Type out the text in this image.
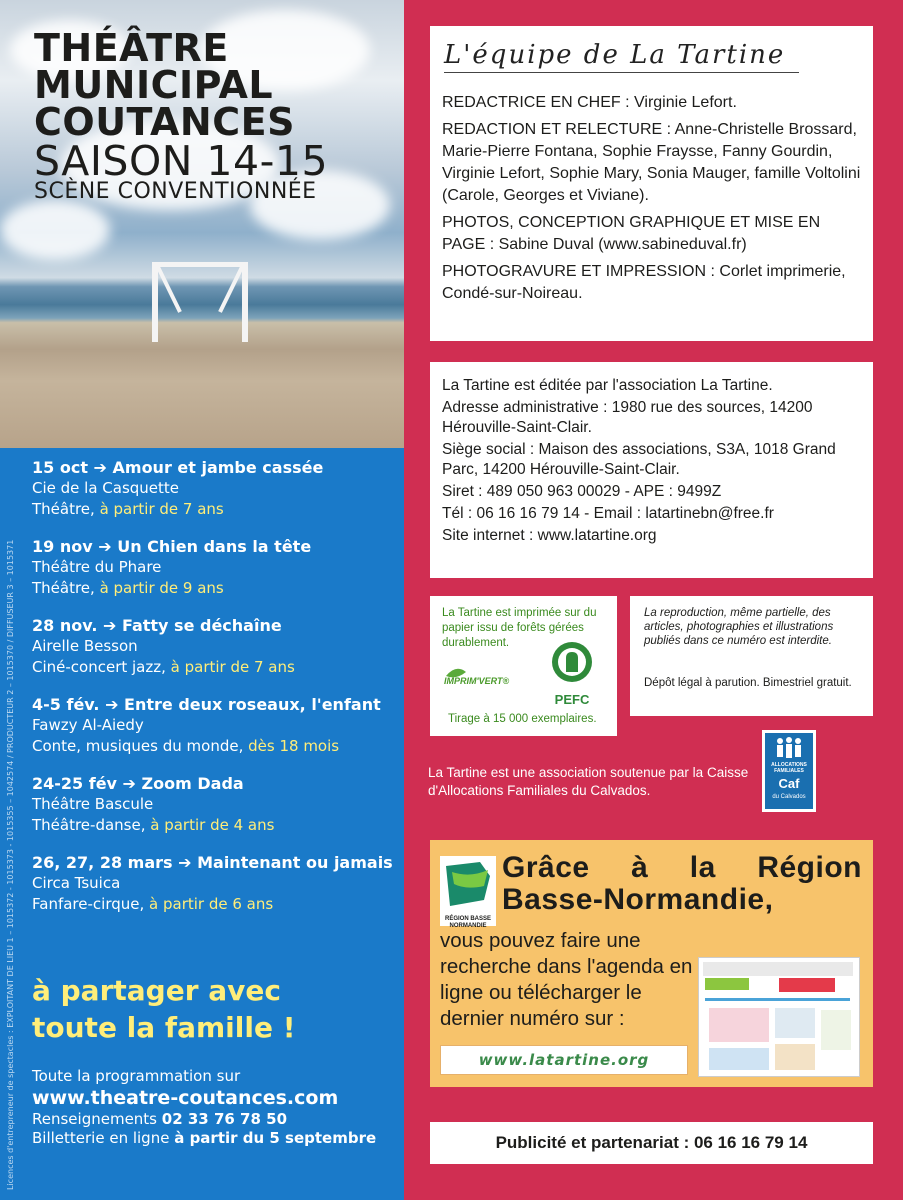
THÉÂTRE
MUNICIPAL
COUTANCES
SAISON 14-15
SCÈNE CONVENTIONNÉE
Licences d'entrepreneur de spectacles : EXPLOITANT DE LIEU 1 – 1015372 - 1015373 - 1015355 – 1042574 / PRODUCTEUR 2 – 1015370 / DIFFUSEUR 3 – 1015371
15 oct ➔ Amour et jambe cassée
Cie de la Casquette
Théâtre, à partir de 7 ans
19 nov ➔ Un Chien dans la tête
Théâtre du Phare
Théâtre, à partir de 9 ans
28 nov. ➔ Fatty se déchaîne
Airelle Besson
Ciné-concert jazz, à partir de 7 ans
4-5 fév. ➔ Entre deux roseaux, l'enfant
Fawzy Al-Aiedy
Conte, musiques du monde, dès 18 mois
24-25 fév ➔ Zoom Dada
Théâtre Bascule
Théâtre-danse, à partir de 4 ans
26, 27, 28 mars ➔ Maintenant ou jamais
Circa Tsuica
Fanfare-cirque, à partir de 6 ans
à partager avec
toute la famille !
Toute la programmation sur
www.theatre-coutances.com
Renseignements 02 33 76 78 50
Billetterie en ligne à partir du 5 septembre
L'équipe de La Tartine

REDACTRICE EN CHEF : Virginie Lefort.

REDACTION ET RELECTURE : Anne-Christelle Brossard, Marie-Pierre Fontana, Sophie Fraysse, Fanny Gourdin, Virginie Lefort, Sophie Mary, Sonia Mauger, famille Voltolini (Carole, Georges et Viviane).

PHOTOS, CONCEPTION GRAPHIQUE ET MISE EN PAGE : Sabine Duval (www.sabineduval.fr)

PHOTOGRAVURE ET IMPRESSION : Corlet imprimerie, Condé-sur-Noireau.

La Tartine est éditée par l'association La Tartine.

Adresse administrative : 1980 rue des sources, 14200 Hérouville-Saint-Clair.

Siège social : Maison des associations, S3A, 1018 Grand Parc, 14200 Hérouville-Saint-Clair.

Siret : 489 050 963 00029 - APE : 9499Z

Tél : 06 16 16 79 14 - Email : latartinebn@free.fr

Site internet : www.latartine.org

La Tartine est imprimée sur du papier issu de forêts gérées durablement.
IMPRIM'VERT®
PEFC
Tirage à 15 000 exemplaires.
La reproduction, même partielle, des articles, photographies et illustrations publiés dans ce numéro est interdite.
Dépôt légal à parution. Bimestriel gratuit.
La Tartine est une association soutenue par la Caisse d'Allocations Familiales du Calvados.
ALLOCATIONS FAMILIALES
Caf
du Calvados
RÉGION BASSE NORMANDIE
Grâce à la Région Basse-Normandie,
vous pouvez faire une recherche dans l'agenda en ligne ou télécharger le dernier numéro sur :
www.latartine.org
Publicité et partenariat : 06 16 16 79 14
